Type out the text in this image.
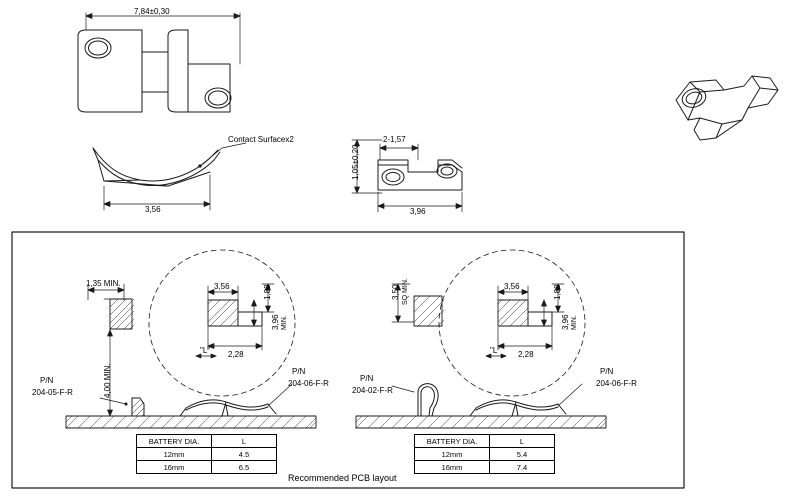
7,84±0,30
Contact Surfacex2
3,56
1,05±0,20
2-1,57
3,96
1,35 MIN.
4,00 MIN.
3,56	1,88
3,96 MIN.
2,28
"L"
P/N
204-05-F-R
P/N
204-06-F-R
3,50 SQ MIN.	3,56	1,88
3,96 MIN.
2,28
"L"
P/N
204-02-F-R
P/N
204-06-F-R
Recommended PCB layout
BATTERY DIA.	L
12mm	4.5
16mm	6.5
BATTERY DIA.	L
12mm	5.4
16mm	7.4
